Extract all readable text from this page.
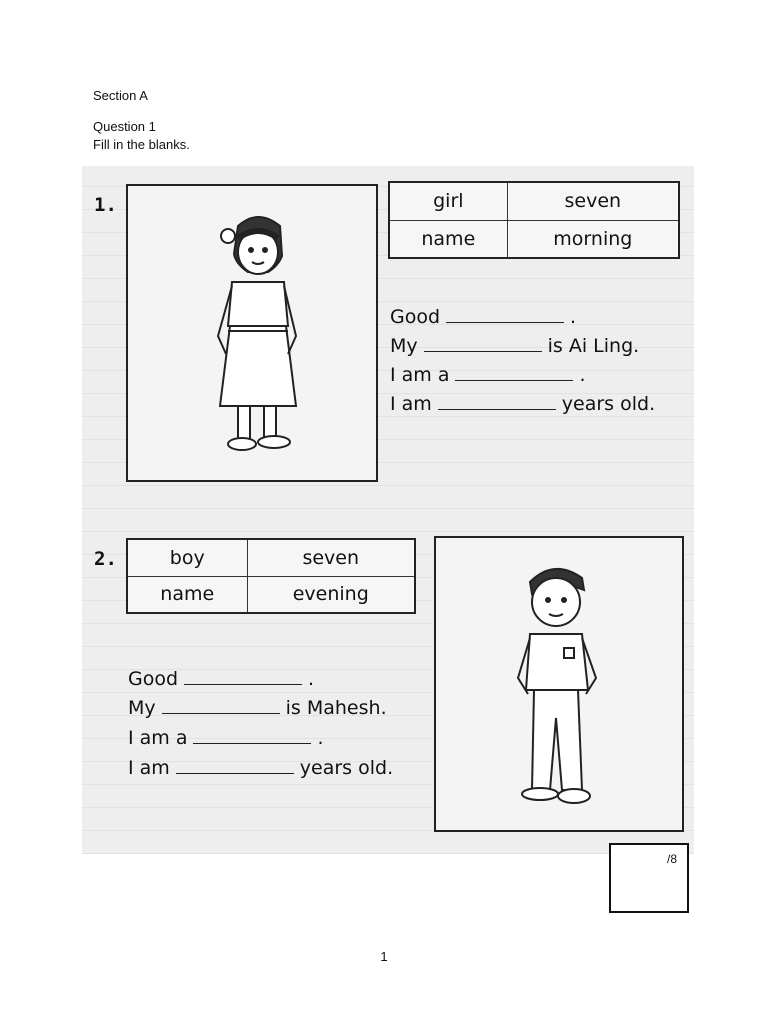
Section A
Question 1
Fill in the blanks.
1.	girl	seven
name	morning
Good	.
My	is Ai Ling.
I am a	.
I am	years old.
2.	boy	seven
name	evening
Good	.
My	is Mahesh.
I am a	.
I am	years old.
/8
1
